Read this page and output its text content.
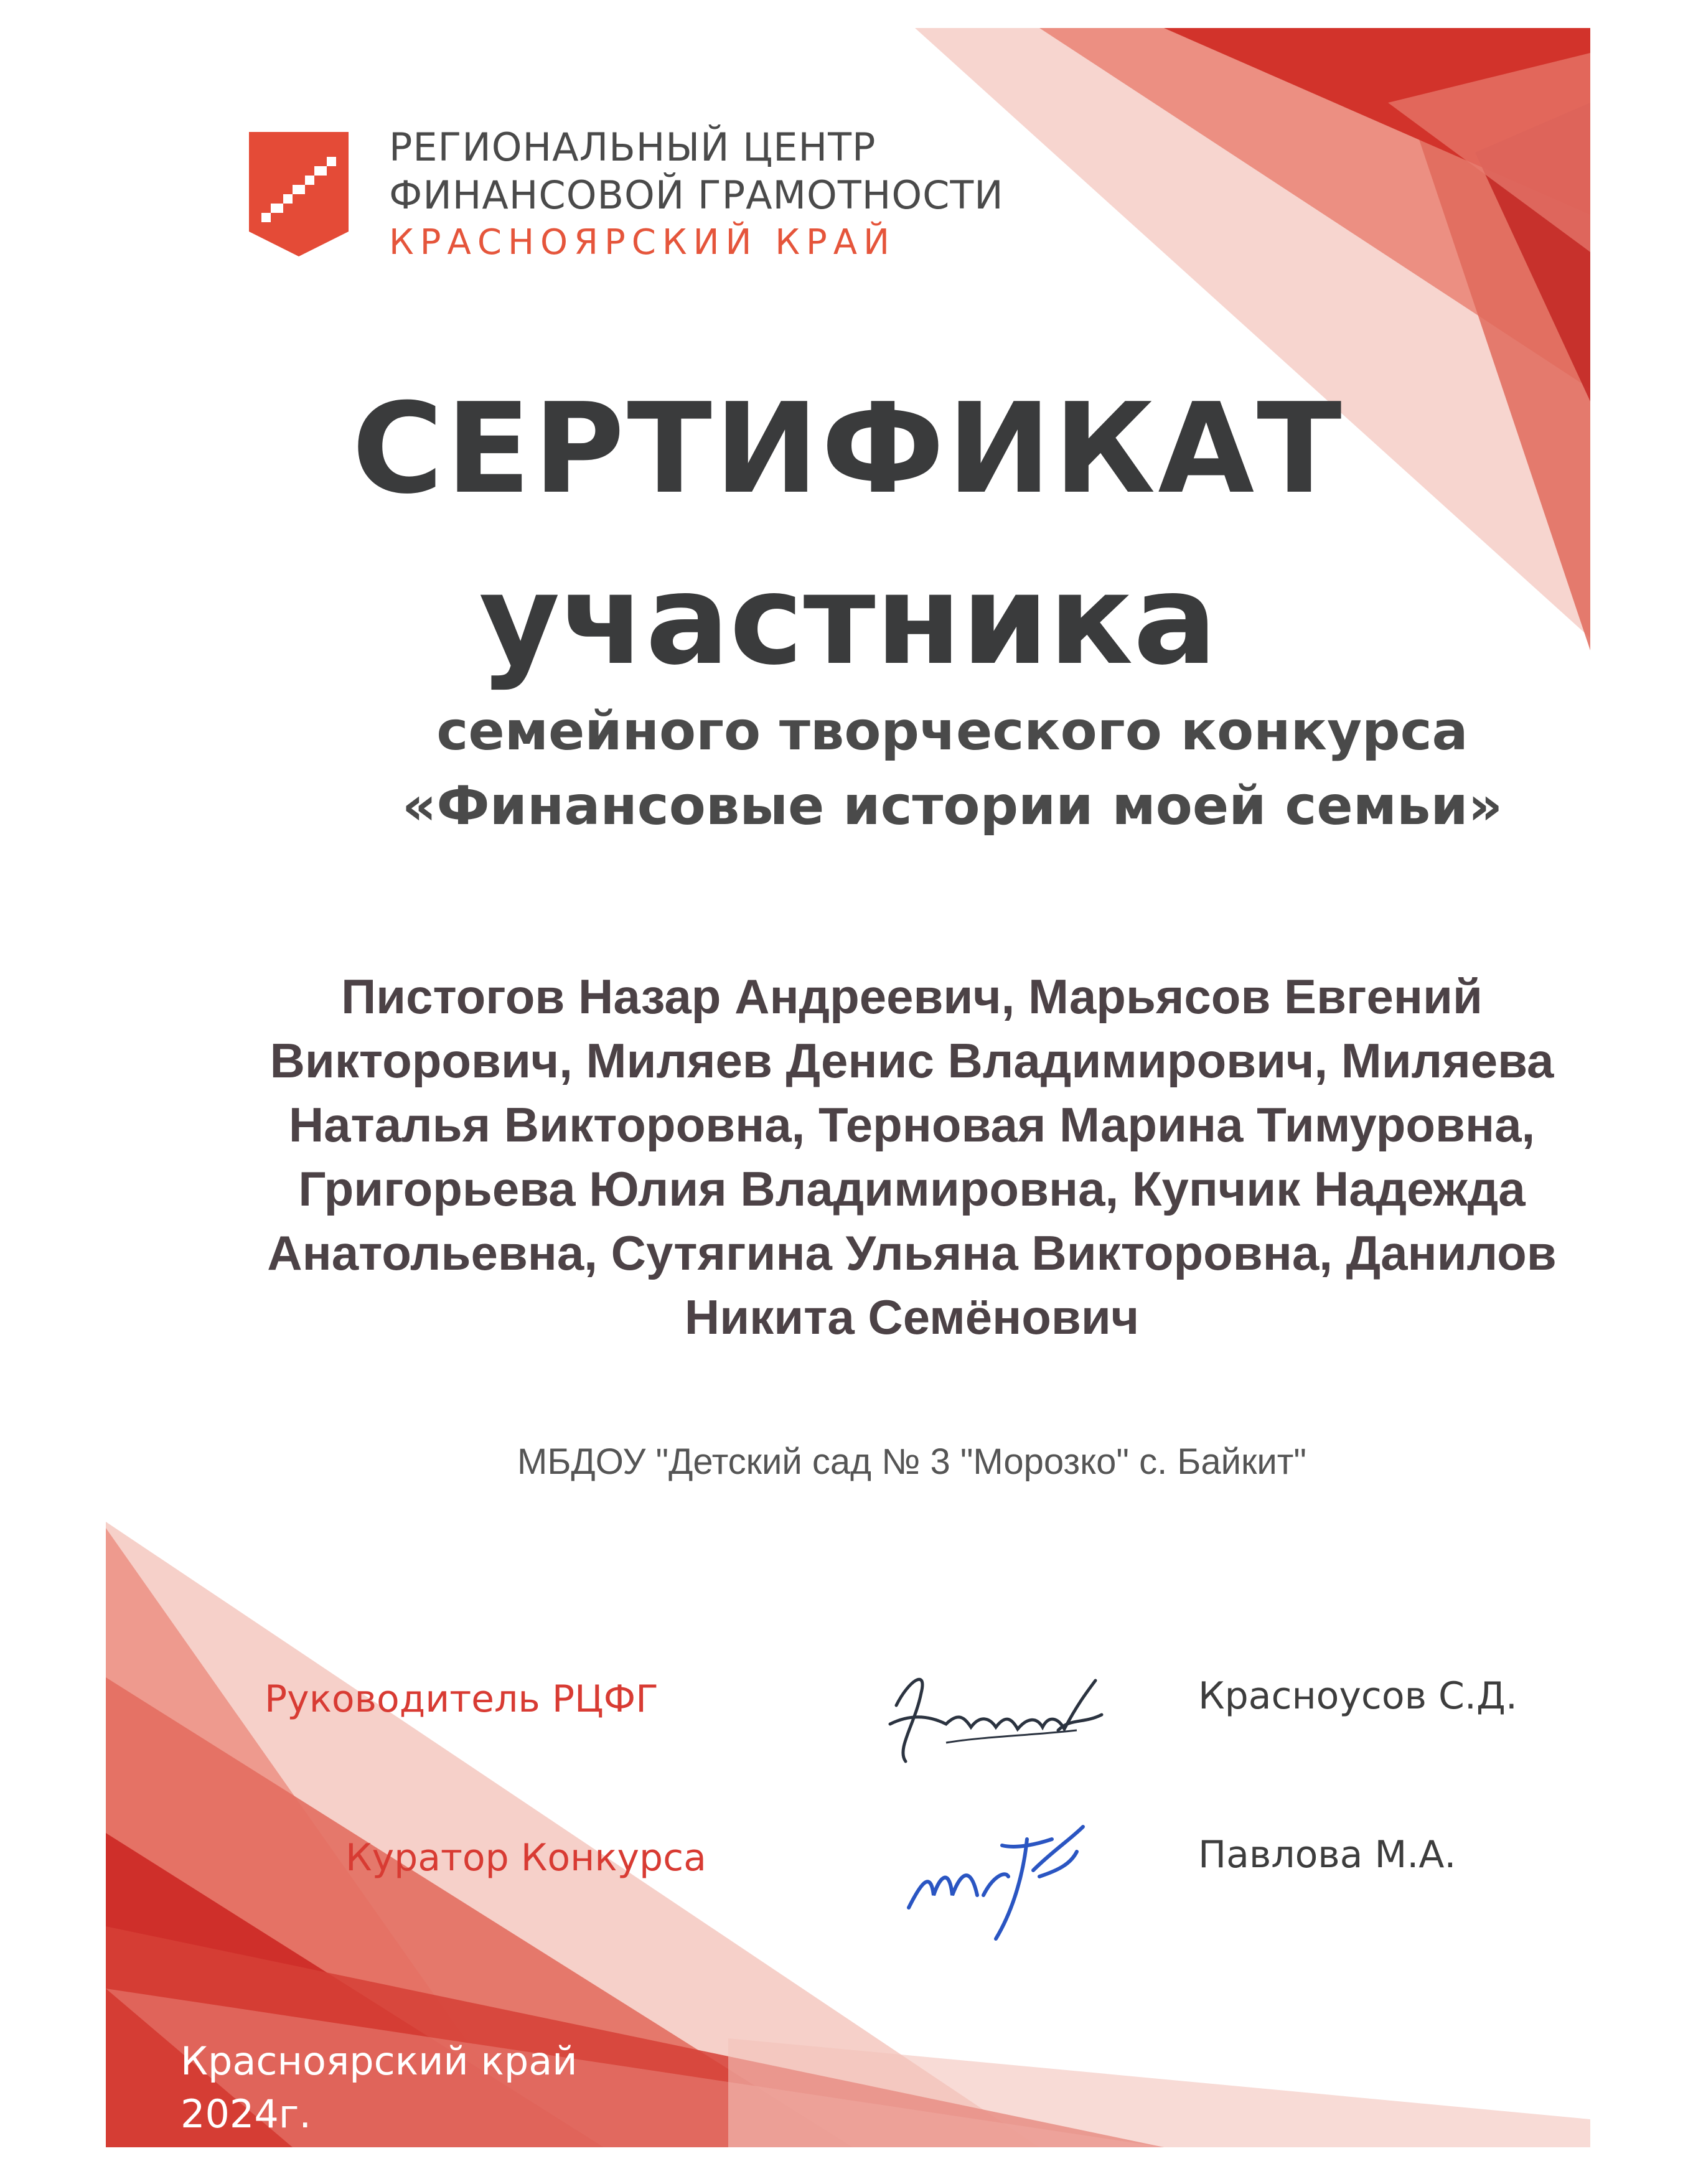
РЕГИОНАЛЬНЫЙ ЦЕНТР

ФИНАНСОВОЙ ГРАМОТНОСТИ

КРАСНОЯРСКИЙ КРАЙ

СЕРТИФИКАТ
участника

семейного творческого конкурса

«Финансовые истории моей семьи»

Пистогов Назар Андреевич, Марьясов Евгений Викторович, Миляев Денис Владимирович, Миляева Наталья Викторовна, Терновая Марина Тимуровна, Григорьева Юлия Владимировна, Купчик Надежда Анатольевна, Сутягина Ульяна Викторовна, Данилов Никита Семёнович

МБДОУ "Детский сад № 3 "Морозко" с. Байкит"

Руководитель РЦФГ	Красноусов С.Д.

Куратор Конкурса	Павлова М.А.

Красноярский край

2024г.
